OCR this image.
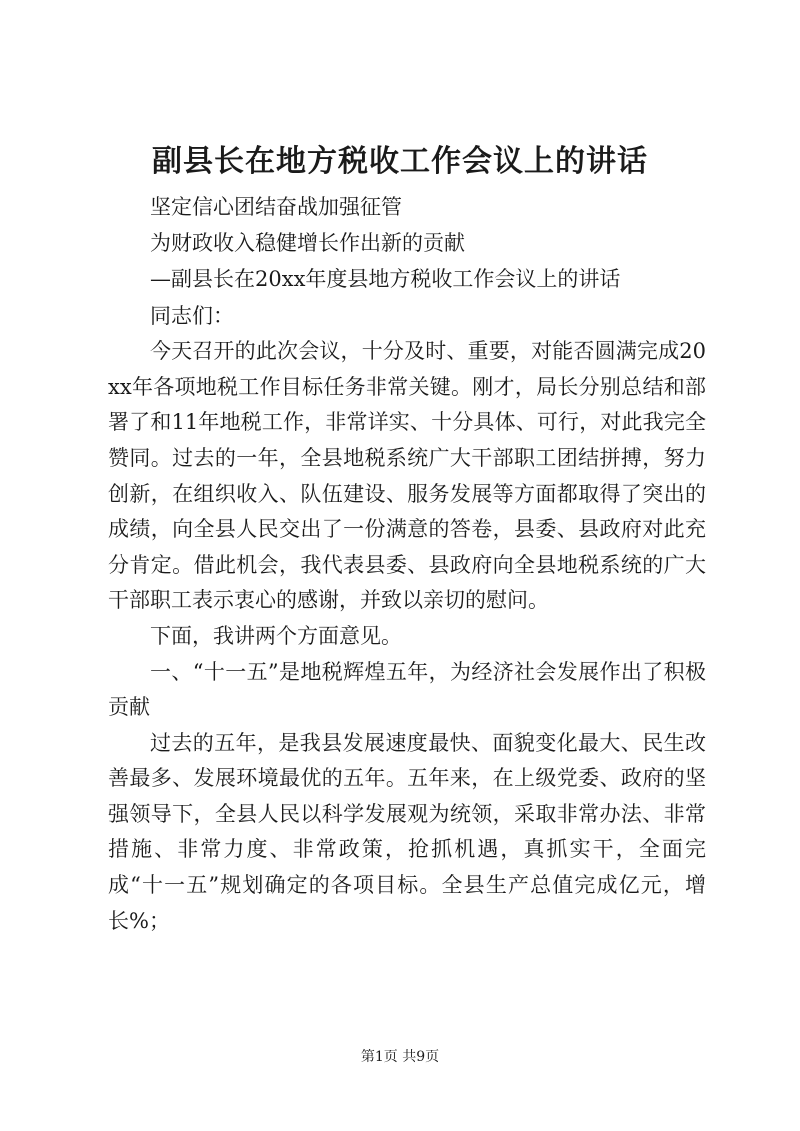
副县长在地方税收工作会议上的讲话

坚定信心团结奋战加强征管

为财政收入稳健增长作出新的贡献

—副县长在20xx年度县地方税收工作会议上的讲话

同志们：

今天召开的此次会议，十分及时、重要，对能否圆满完成20xx年各项地税工作目标任务非常关键。刚才，局长分别总结和部署了和11年地税工作，非常详实、十分具体、可行，对此我完全赞同。过去的一年，全县地税系统广大干部职工团结拼搏，努力创新，在组织收入、队伍建设、服务发展等方面都取得了突出的成绩，向全县人民交出了一份满意的答卷，县委、县政府对此充分肯定。借此机会，我代表县委、县政府向全县地税系统的广大干部职工表示衷心的感谢，并致以亲切的慰问。

下面，我讲两个方面意见。

一、“十一五”是地税辉煌五年，为经济社会发展作出了积极贡献

过去的五年，是我县发展速度最快、面貌变化最大、民生改善最多、发展环境最优的五年。五年来，在上级党委、政府的坚强领导下，全县人民以科学发展观为统领，采取非常办法、非常措施、非常力度、非常政策，抢抓机遇，真抓实干，全面完成“十一五”规划确定的各项目标。全县生产总值完成亿元，增长%；

第1页 共9页
